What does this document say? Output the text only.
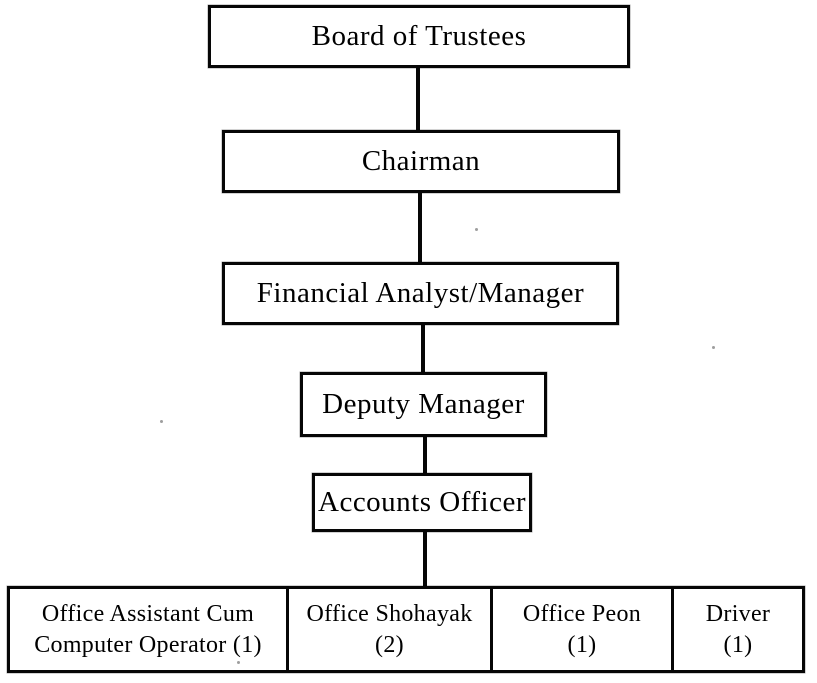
Board of Trustees
Chairman
Financial Analyst/Manager
Deputy Manager
Accounts Officer
Office Assistant Cum
Computer Operator (1)
Office Shohayak
(2)
Office Peon
(1)
Driver
(1)
